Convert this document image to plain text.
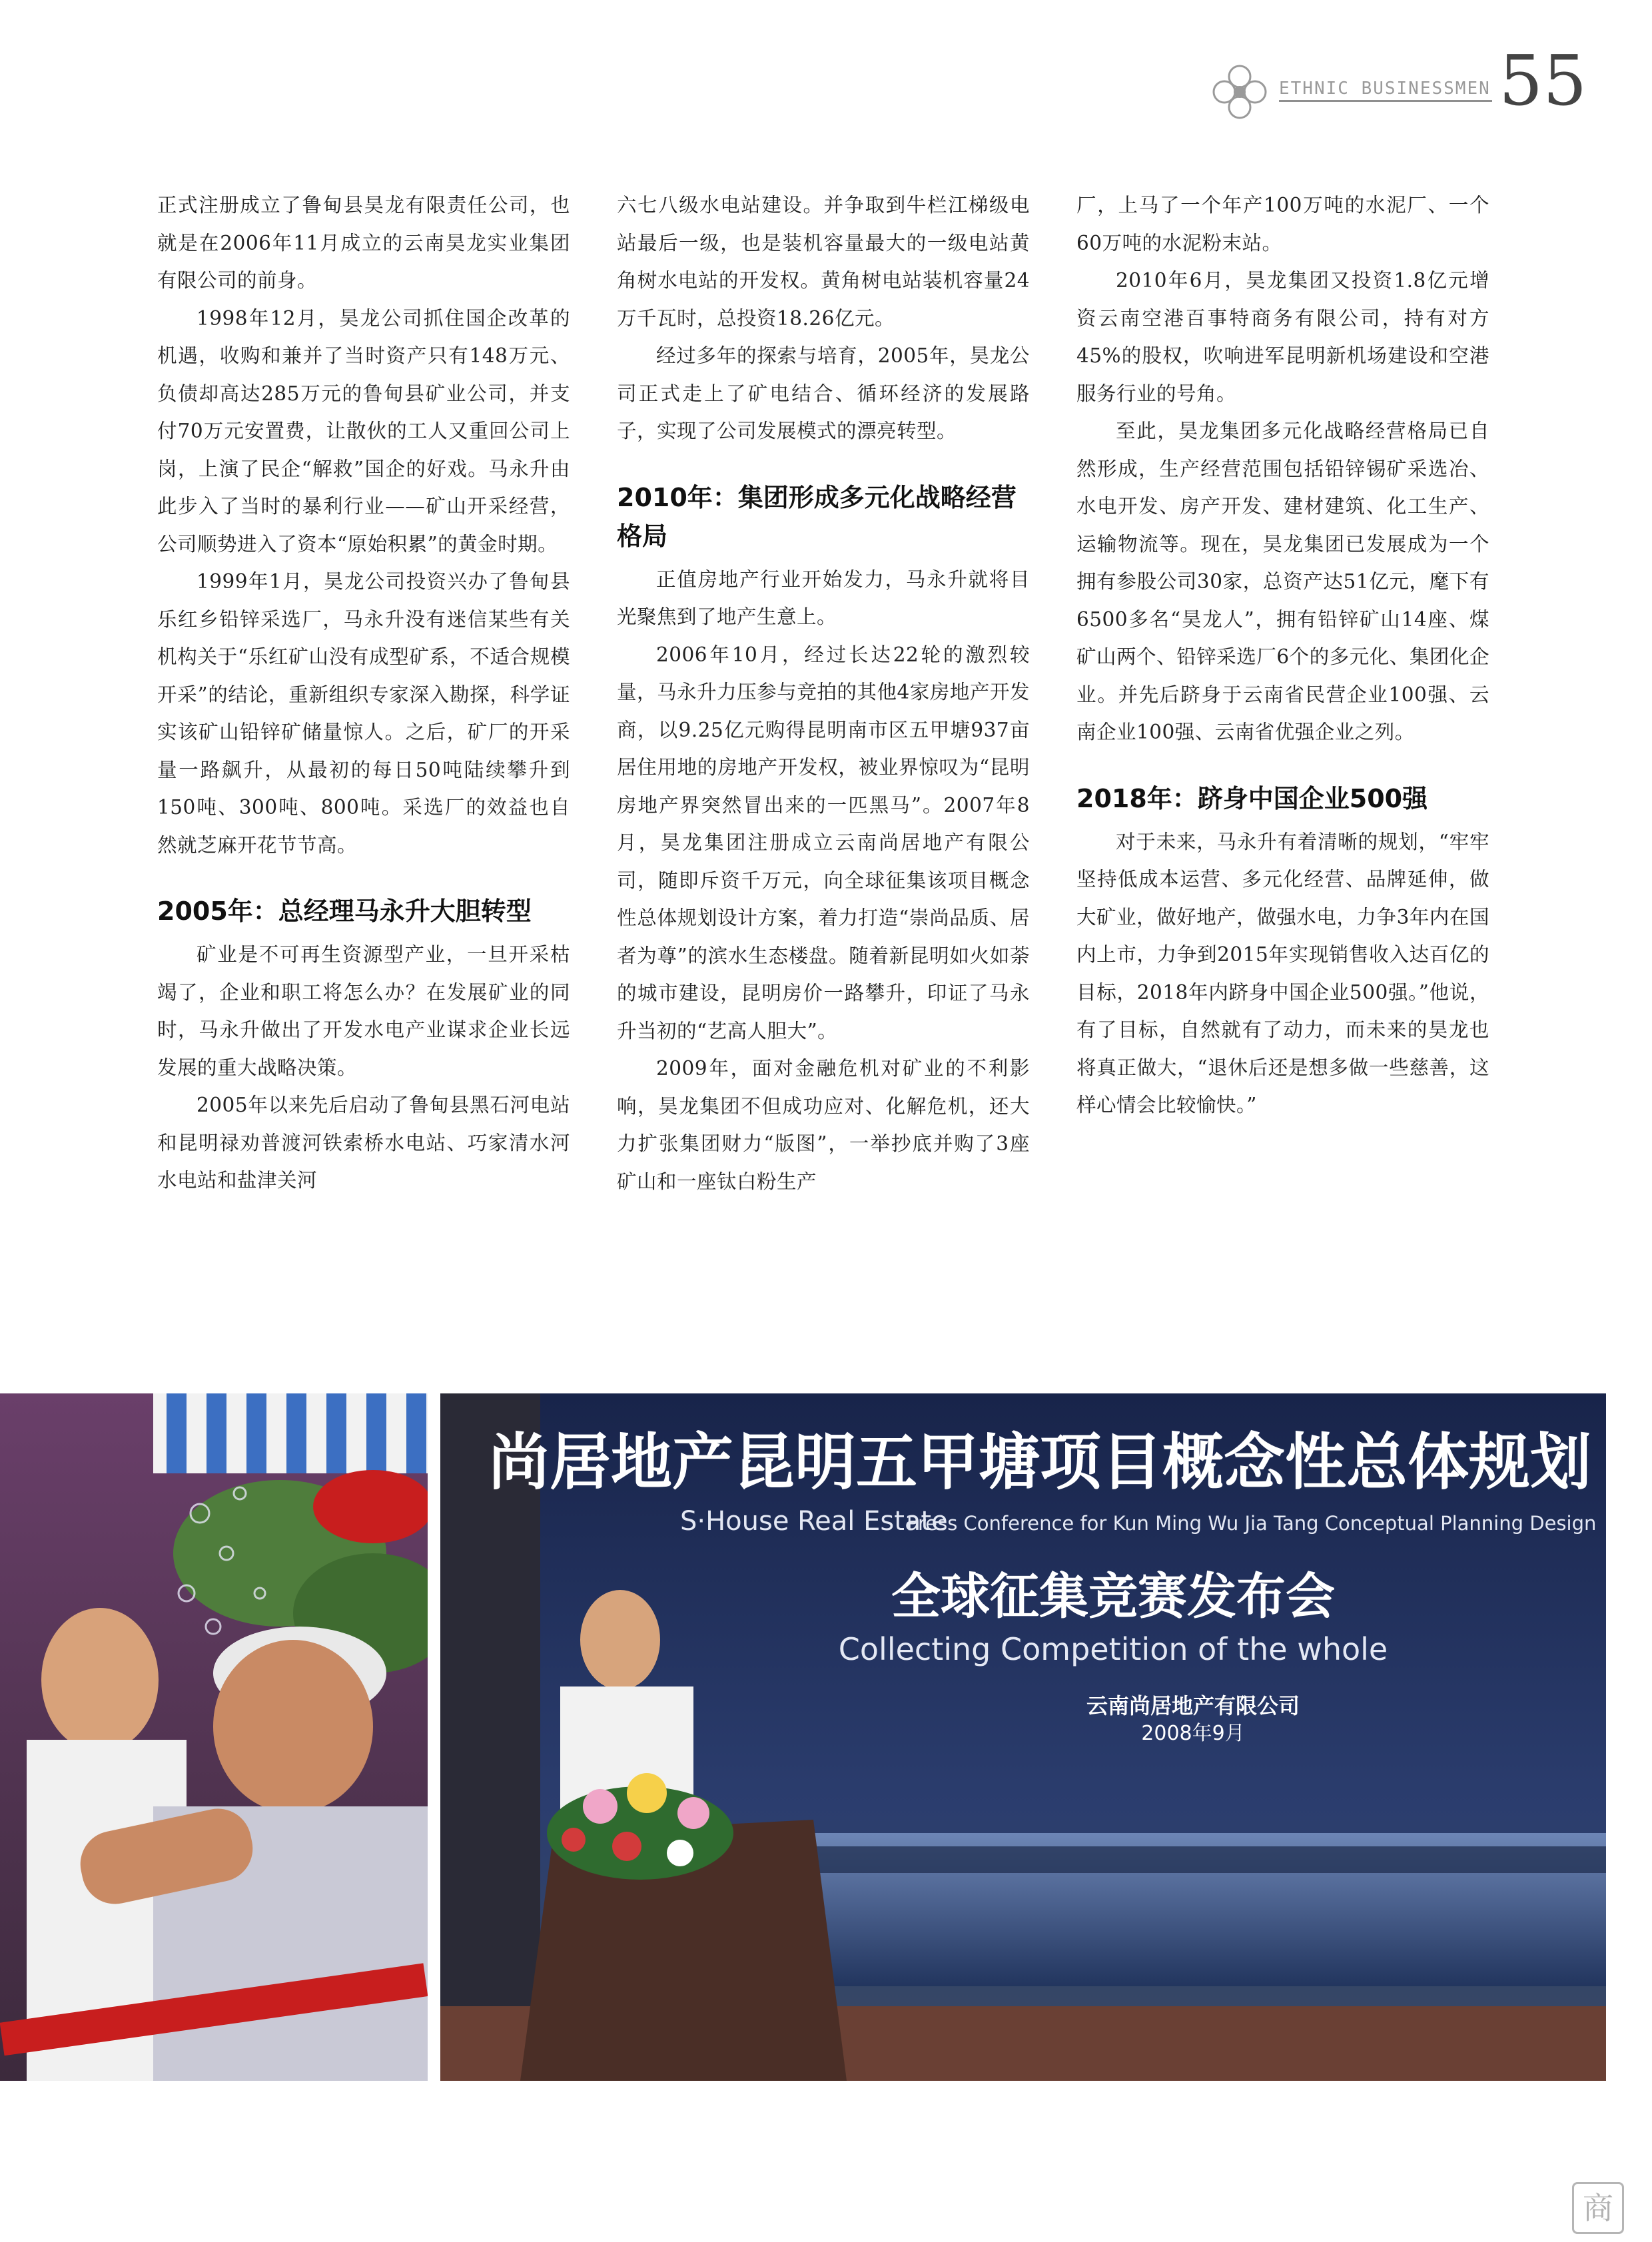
ETHNIC BUSINESSMEN 55

正式注册成立了鲁甸县昊龙有限责任公司，也就是在2006年11月成立的云南昊龙实业集团有限公司的前身。

1998年12月，昊龙公司抓住国企改革的机遇，收购和兼并了当时资产只有148万元、负债却高达285万元的鲁甸县矿业公司，并支付70万元安置费，让散伙的工人又重回公司上岗，上演了民企“解救”国企的好戏。马永升由此步入了当时的暴利行业——矿山开采经营，公司顺势进入了资本“原始积累”的黄金时期。

1999年1月，昊龙公司投资兴办了鲁甸县乐红乡铅锌采选厂，马永升没有迷信某些有关机构关于“乐红矿山没有成型矿系，不适合规模开采”的结论，重新组织专家深入勘探，科学证实该矿山铅锌矿储量惊人。之后，矿厂的开采量一路飙升，从最初的每日50吨陆续攀升到150吨、300吨、800吨。采选厂的效益也自然就芝麻开花节节高。

2005年：总经理马永升大胆转型

矿业是不可再生资源型产业，一旦开采枯竭了，企业和职工将怎么办？在发展矿业的同时，马永升做出了开发水电产业谋求企业长远发展的重大战略决策。

2005年以来先后启动了鲁甸县黑石河电站和昆明禄劝普渡河铁索桥水电站、巧家清水河水电站和盐津关河

六七八级水电站建设。并争取到牛栏江梯级电站最后一级，也是装机容量最大的一级电站黄角树水电站的开发权。黄角树电站装机容量24万千瓦时，总投资18.26亿元。

经过多年的探索与培育，2005年，昊龙公司正式走上了矿电结合、循环经济的发展路子，实现了公司发展模式的漂亮转型。

2010年：集团形成多元化战略经营格局

正值房地产行业开始发力，马永升就将目光聚焦到了地产生意上。

2006年10月，经过长达22轮的激烈较量，马永升力压参与竞拍的其他4家房地产开发商，以9.25亿元购得昆明南市区五甲塘937亩居住用地的房地产开发权，被业界惊叹为“昆明房地产界突然冒出来的一匹黑马”。2007年8月，昊龙集团注册成立云南尚居地产有限公司，随即斥资千万元，向全球征集该项目概念性总体规划设计方案，着力打造“崇尚品质、居者为尊”的滨水生态楼盘。随着新昆明如火如荼的城市建设，昆明房价一路攀升，印证了马永升当初的“艺高人胆大”。

2009年，面对金融危机对矿业的不利影响，昊龙集团不但成功应对、化解危机，还大力扩张集团财力“版图”，一举抄底并购了3座矿山和一座钛白粉生产

厂，上马了一个年产100万吨的水泥厂、一个60万吨的水泥粉末站。

2010年6月，昊龙集团又投资1.8亿元增资云南空港百事特商务有限公司，持有对方45%的股权，吹响进军昆明新机场建设和空港服务行业的号角。

至此，昊龙集团多元化战略经营格局已自然形成，生产经营范围包括铅锌锡矿采选冶、水电开发、房产开发、建材建筑、化工生产、运输物流等。现在，昊龙集团已发展成为一个拥有参股公司30家，总资产达51亿元，麾下有6500多名“昊龙人”，拥有铅锌矿山14座、煤矿山两个、铅锌采选厂6个的多元化、集团化企业。并先后跻身于云南省民营企业100强、云南企业100强、云南省优强企业之列。

2018年：跻身中国企业500强

对于未来，马永升有着清晰的规划，“牢牢坚持低成本运营、多元化经营、品牌延伸，做大矿业，做好地产，做强水电，力争3年内在国内上市，力争到2015年实现销售收入达百亿的目标，2018年内跻身中国企业500强。”他说，有了目标，自然就有了动力，而未来的昊龙也将真正做大，“退休后还是想多做一些慈善，这样心情会比较愉快。”

尚居地产昆明五甲塘项目概念性总体规划
S·House Real Estate
Press Conference for Kun Ming Wu Jia Tang Conceptual Planning Design
全球征集竞赛发布会
Collecting Competition of the whole
云南尚居地产有限公司
2008年9月
商
